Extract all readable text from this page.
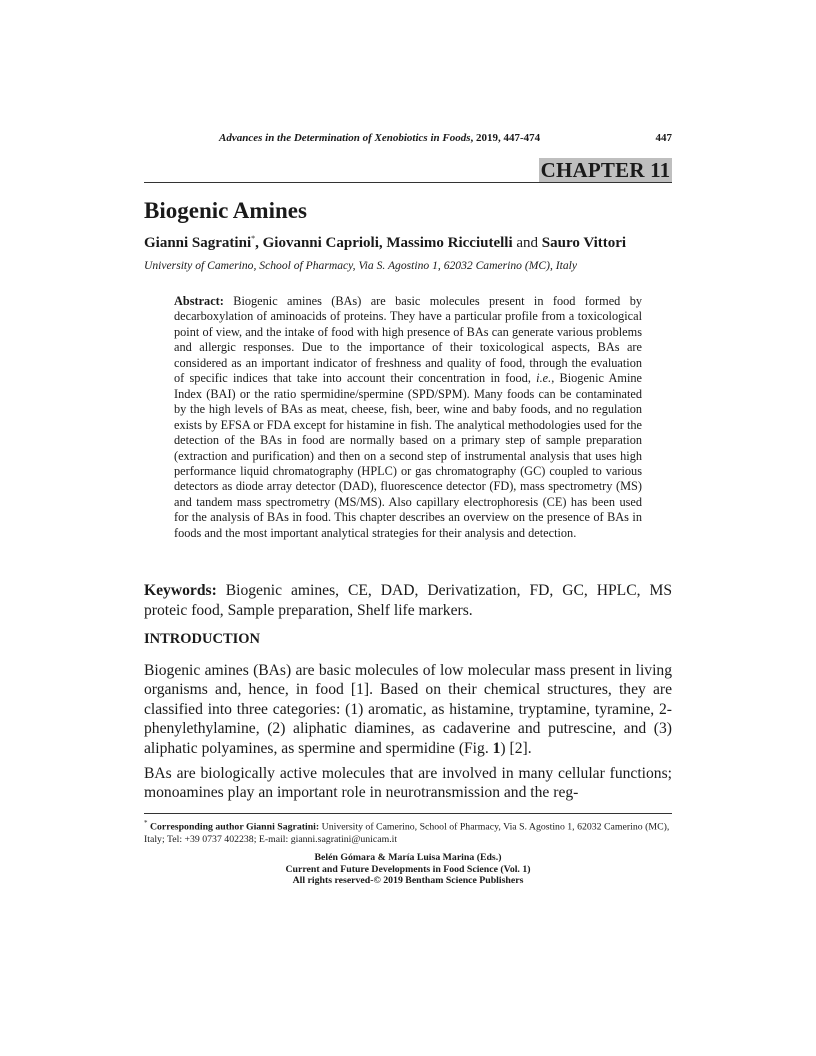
Advances in the Determination of Xenobiotics in Foods, 2019, 447-474	447
CHAPTER 11
Biogenic Amines
Gianni Sagratini*, Giovanni Caprioli, Massimo Ricciutelli and Sauro Vittori
University of Camerino, School of Pharmacy, Via S. Agostino 1, 62032 Camerino (MC), Italy
Abstract: Biogenic amines (BAs) are basic molecules present in food formed by decarboxylation of aminoacids of proteins. They have a particular profile from a toxicological point of view, and the intake of food with high presence of BAs can generate various problems and allergic responses. Due to the importance of their toxicological aspects, BAs are considered as an important indicator of freshness and quality of food, through the evaluation of specific indices that take into account their concentration in food, i.e., Biogenic Amine Index (BAI) or the ratio spermidine/spermine (SPD/SPM). Many foods can be contaminated by the high levels of BAs as meat, cheese, fish, beer, wine and baby foods, and no regulation exists by EFSA or FDA except for histamine in fish. The analytical methodologies used for the detection of the BAs in food are normally based on a primary step of sample preparation (extraction and purification) and then on a second step of instrumental analysis that uses high performance liquid chromatography (HPLC) or gas chromatography (GC) coupled to various detectors as diode array detector (DAD), fluorescence detector (FD), mass spectrometry (MS) and tandem mass spectrometry (MS/MS). Also capillary electrophoresis (CE) has been used for the analysis of BAs in food. This chapter describes an overview on the presence of BAs in foods and the most important analytical strategies for their analysis and detection.
Keywords: Biogenic amines, CE, DAD, Derivatization, FD, GC, HPLC, MS proteic food, Sample preparation, Shelf life markers.
INTRODUCTION
Biogenic amines (BAs) are basic molecules of low molecular mass present in living organisms and, hence, in food [1]. Based on their chemical structures, they are classified into three categories: (1) aromatic, as histamine, tryptamine, tyramine, 2-phenylethylamine, (2) aliphatic diamines, as cadaverine and putrescine, and (3) aliphatic polyamines, as spermine and spermidine (Fig. 1) [2].
BAs are biologically active molecules that are involved in many cellular functions; monoamines play an important role in neurotransmission and the reg-
* Corresponding author Gianni Sagratini: University of Camerino, School of Pharmacy, Via S. Agostino 1, 62032 Camerino (MC), Italy; Tel: +39 0737 402238; E-mail: gianni.sagratini@unicam.it
Belén Gómara & María Luisa Marina (Eds.)
Current and Future Developments in Food Science (Vol. 1)
All rights reserved-© 2019 Bentham Science Publishers
